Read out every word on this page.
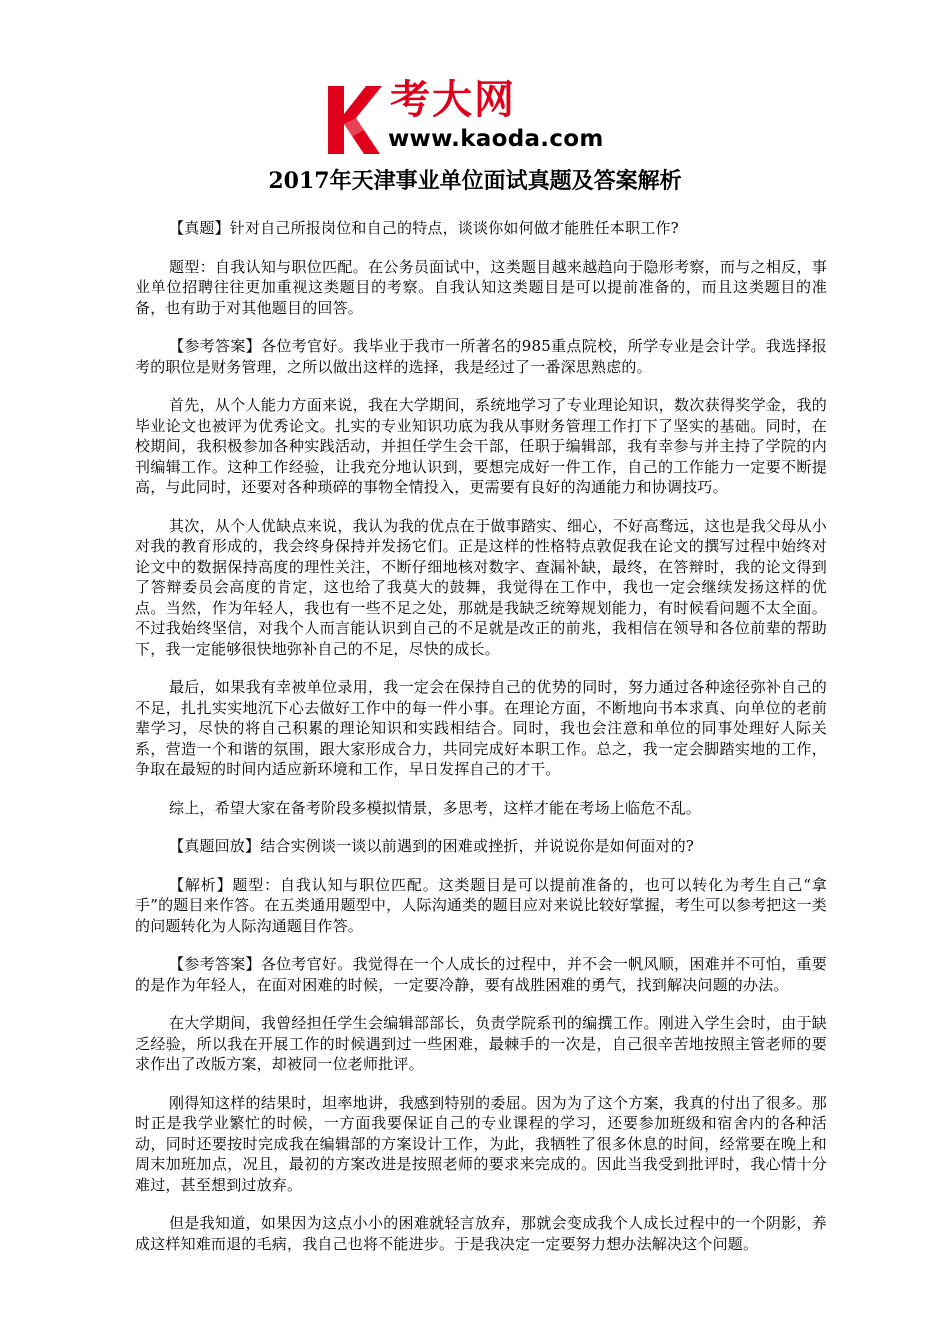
考大网
www.kaoda.com
2017年天津事业单位面试真题及答案解析

【真题】针对自己所报岗位和自己的特点，谈谈你如何做才能胜任本职工作?

题型：自我认知与职位匹配。在公务员面试中，这类题目越来越趋向于隐形考察，而与之相反，事业单位招聘往往更加重视这类题目的考察。自我认知这类题目是可以提前准备的，而且这类题目的准备，也有助于对其他题目的回答。

【参考答案】各位考官好。我毕业于我市一所著名的985重点院校，所学专业是会计学。我选择报考的职位是财务管理，之所以做出这样的选择，我是经过了一番深思熟虑的。

首先，从个人能力方面来说，我在大学期间，系统地学习了专业理论知识，数次获得奖学金，我的毕业论文也被评为优秀论文。扎实的专业知识功底为我从事财务管理工作打下了坚实的基础。同时，在校期间，我积极参加各种实践活动，并担任学生会干部，任职于编辑部，我有幸参与并主持了学院的内刊编辑工作。这种工作经验，让我充分地认识到，要想完成好一件工作，自己的工作能力一定要不断提高，与此同时，还要对各种琐碎的事物全情投入，更需要有良好的沟通能力和协调技巧。

其次，从个人优缺点来说，我认为我的优点在于做事踏实、细心，不好高骛远，这也是我父母从小对我的教育形成的，我会终身保持并发扬它们。正是这样的性格特点敦促我在论文的撰写过程中始终对论文中的数据保持高度的理性关注，不断仔细地核对数字、查漏补缺，最终，在答辩时，我的论文得到了答辩委员会高度的肯定，这也给了我莫大的鼓舞，我觉得在工作中，我也一定会继续发扬这样的优点。当然，作为年轻人，我也有一些不足之处，那就是我缺乏统筹规划能力，有时候看问题不太全面。不过我始终坚信，对我个人而言能认识到自己的不足就是改正的前兆，我相信在领导和各位前辈的帮助下，我一定能够很快地弥补自己的不足，尽快的成长。

最后，如果我有幸被单位录用，我一定会在保持自己的优势的同时，努力通过各种途径弥补自己的不足，扎扎实实地沉下心去做好工作中的每一件小事。在理论方面，不断地向书本求真、向单位的老前辈学习，尽快的将自己积累的理论知识和实践相结合。同时，我也会注意和单位的同事处理好人际关系，营造一个和谐的氛围，跟大家形成合力，共同完成好本职工作。总之，我一定会脚踏实地的工作，争取在最短的时间内适应新环境和工作，早日发挥自己的才干。

综上，希望大家在备考阶段多模拟情景，多思考，这样才能在考场上临危不乱。

【真题回放】结合实例谈一谈以前遇到的困难或挫折，并说说你是如何面对的?

【解析】题型：自我认知与职位匹配。这类题目是可以提前准备的，也可以转化为考生自己“拿手”的题目来作答。在五类通用题型中，人际沟通类的题目应对来说比较好掌握，考生可以参考把这一类的问题转化为人际沟通题目作答。

【参考答案】各位考官好。我觉得在一个人成长的过程中，并不会一帆风顺，困难并不可怕，重要的是作为年轻人，在面对困难的时候，一定要冷静，要有战胜困难的勇气，找到解决问题的办法。

在大学期间，我曾经担任学生会编辑部部长，负责学院系刊的编撰工作。刚进入学生会时，由于缺乏经验，所以我在开展工作的时候遇到过一些困难，最棘手的一次是，自己很辛苦地按照主管老师的要求作出了改版方案，却被同一位老师批评。

刚得知这样的结果时，坦率地讲，我感到特别的委屈。因为为了这个方案，我真的付出了很多。那时正是我学业繁忙的时候，一方面我要保证自己的专业课程的学习，还要参加班级和宿舍内的各种活动，同时还要按时完成我在编辑部的方案设计工作，为此，我牺牲了很多休息的时间，经常要在晚上和周末加班加点，况且，最初的方案改进是按照老师的要求来完成的。因此当我受到批评时，我心情十分难过，甚至想到过放弃。

但是我知道，如果因为这点小小的困难就轻言放弃，那就会变成我个人成长过程中的一个阴影，养成这样知难而退的毛病，我自己也将不能进步。于是我决定一定要努力想办法解决这个问题。
